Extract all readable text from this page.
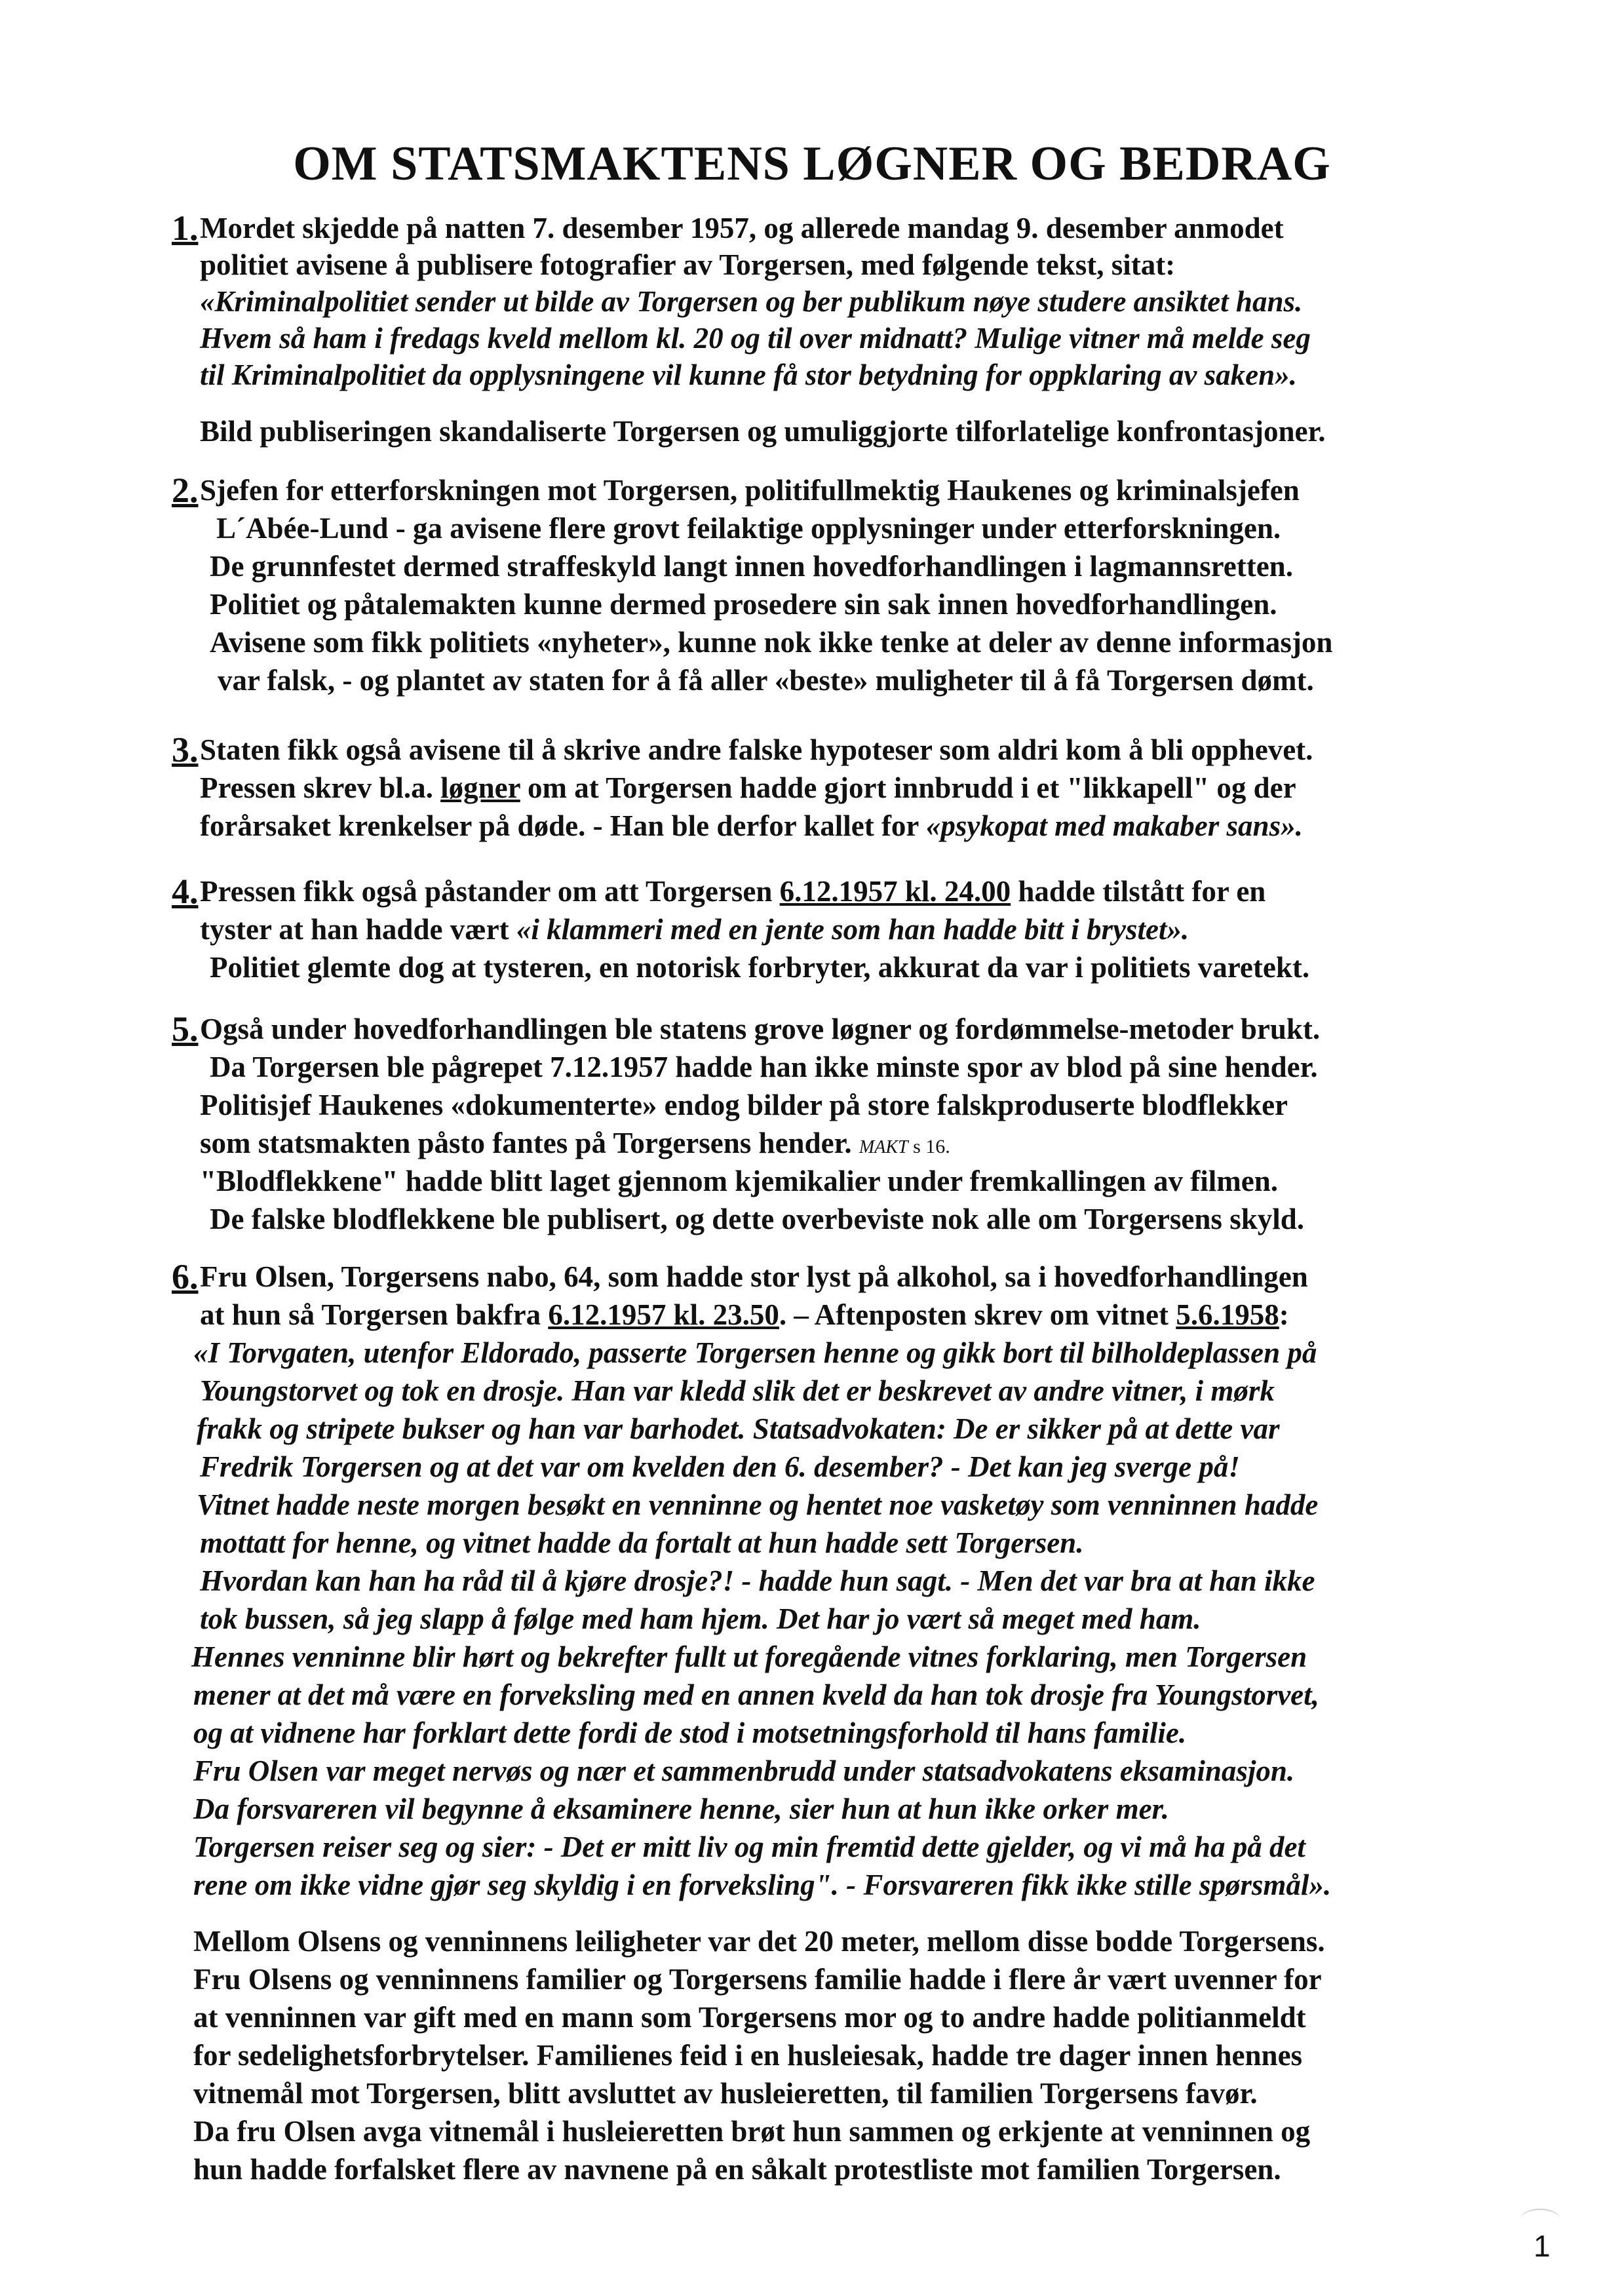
OM STATSMAKTENS LØGNER OG BEDRAG
1. Mordet skjedde på natten 7. desember 1957, og allerede mandag 9. desember anmodet
politiet avisene å publisere fotografier av Torgersen, med følgende tekst, sitat:
«Kriminalpolitiet sender ut bilde av Torgersen og ber publikum nøye studere ansiktet hans.
Hvem så ham i fredags kveld mellom kl. 20 og til over midnatt? Mulige vitner må melde seg
til Kriminalpolitiet da opplysningene vil kunne få stor betydning for oppklaring av saken».
Bild publiseringen skandaliserte Torgersen og umuliggjorte tilforlatelige konfrontasjoner.
2. Sjefen for etterforskningen mot Torgersen, politifullmektig Haukenes og kriminalsjefen
L´Abée-Lund - ga avisene flere grovt feilaktige opplysninger under etterforskningen.
De grunnfestet dermed straffeskyld langt innen hovedforhandlingen i lagmannsretten.
Politiet og påtalemakten kunne dermed prosedere sin sak innen hovedforhandlingen.
Avisene som fikk politiets «nyheter», kunne nok ikke tenke at deler av denne informasjon
var falsk, - og plantet av staten for å få aller «beste» muligheter til å få Torgersen dømt.
3. Staten fikk også avisene til å skrive andre falske hypoteser som aldri kom å bli opphevet.
Pressen skrev bl.a. løgner om at Torgersen hadde gjort innbrudd i et "likkapell" og der
forårsaket krenkelser på døde. - Han ble derfor kallet for «psykopat med makaber sans».
4. Pressen fikk også påstander om att Torgersen 6.12.1957 kl. 24.00 hadde tilstått for en
tyster at han hadde vært «i klammeri med en jente som han hadde bitt i brystet».
Politiet glemte dog at tysteren, en notorisk forbryter, akkurat da var i politiets varetekt.
5. Også under hovedforhandlingen ble statens grove løgner og fordømmelse-metoder brukt.
Da Torgersen ble pågrepet 7.12.1957 hadde han ikke minste spor av blod på sine hender.
Politisjef Haukenes «dokumenterte» endog bilder på store falskproduserte blodflekker
som statsmakten påsto fantes på Torgersens hender. MAKT s 16.
"Blodflekkene" hadde blitt laget gjennom kjemikalier under fremkallingen av filmen.
De falske blodflekkene ble publisert, og dette overbeviste nok alle om Torgersens skyld.
6. Fru Olsen, Torgersens nabo, 64, som hadde stor lyst på alkohol, sa i hovedforhandlingen
at hun så Torgersen bakfra 6.12.1957 kl. 23.50. – Aftenposten skrev om vitnet 5.6.1958:
«I Torvgaten, utenfor Eldorado, passerte Torgersen henne og gikk bort til bilholdeplassen på
Youngstorvet og tok en drosje. Han var kledd slik det er beskrevet av andre vitner, i mørk
frakk og stripete bukser og han var barhodet. Statsadvokaten: De er sikker på at dette var
Fredrik Torgersen og at det var om kvelden den 6. desember? - Det kan jeg sverge på!
Vitnet hadde neste morgen besøkt en venninne og hentet noe vasketøy som venninnen hadde
mottatt for henne, og vitnet hadde da fortalt at hun hadde sett Torgersen.
Hvordan kan han ha råd til å kjøre drosje?! - hadde hun sagt. - Men det var bra at han ikke
tok bussen, så jeg slapp å følge med ham hjem. Det har jo vært så meget med ham.
Hennes venninne blir hørt og bekrefter fullt ut foregående vitnes forklaring, men Torgersen
mener at det må være en forveksling med en annen kveld da han tok drosje fra Youngstorvet,
og at vidnene har forklart dette fordi de stod i motsetningsforhold til hans familie.
Fru Olsen var meget nervøs og nær et sammenbrudd under statsadvokatens eksaminasjon.
Da forsvareren vil begynne å eksaminere henne, sier hun at hun ikke orker mer.
Torgersen reiser seg og sier: - Det er mitt liv og min fremtid dette gjelder, og vi må ha på det
rene om ikke vidne gjør seg skyldig i en forveksling". - Forsvareren fikk ikke stille spørsmål».
Mellom Olsens og venninnens leiligheter var det 20 meter, mellom disse bodde Torgersens.
Fru Olsens og venninnens familier og Torgersens familie hadde i flere år vært uvenner for
at venninnen var gift med en mann som Torgersens mor og to andre hadde politianmeldt
for sedelighetsforbrytelser. Familienes feid i en husleiesak, hadde tre dager innen hennes
vitnemål mot Torgersen, blitt avsluttet av husleieretten, til familien Torgersens favør.
Da fru Olsen avga vitnemål i husleieretten brøt hun sammen og erkjente at venninnen og
hun hadde forfalsket flere av navnene på en såkalt protestliste mot familien Torgersen.
1
